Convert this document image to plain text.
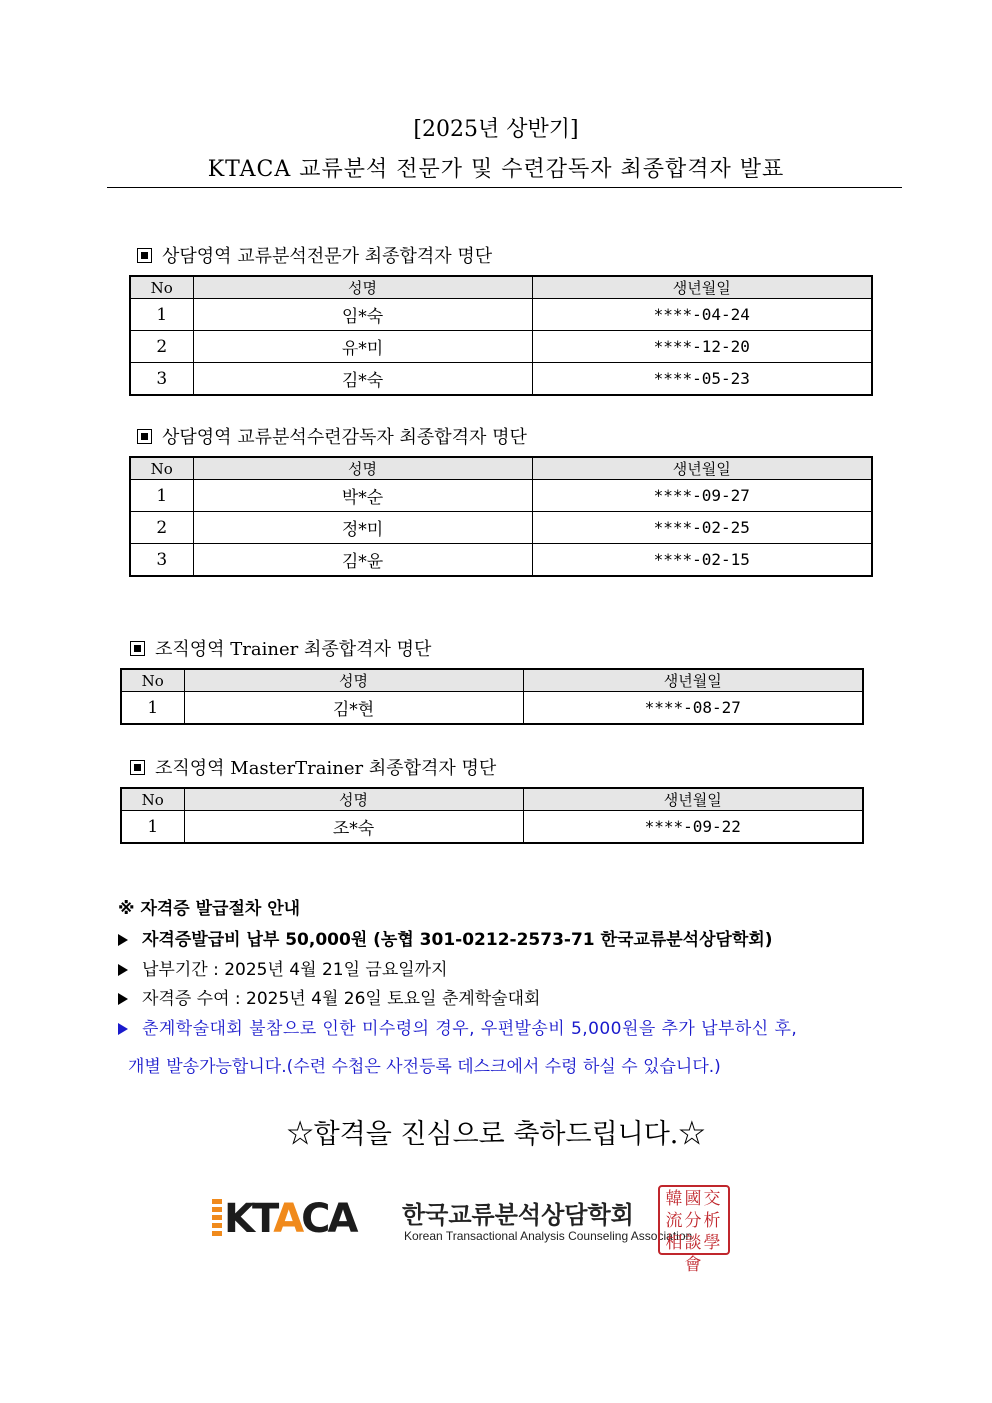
[2025년 상반기]
KTACA 교류분석 전문가 및 수련감독자 최종합격자 발표
상담영역 교류분석전문가 최종합격자 명단
No	성명	생년월일
1	임*숙	****-04-24
2	유*미	****-12-20
3	김*숙	****-05-23
상담영역 교류분석수련감독자 최종합격자 명단
No	성명	생년월일
1	박*순	****-09-27
2	정*미	****-02-25
3	김*윤	****-02-15
조직영역 Trainer 최종합격자 명단
No	성명	생년월일
1	김*현	****-08-27
조직영역 MasterTrainer 최종합격자 명단
No	성명	생년월일
1	조*숙	****-09-22
※ 자격증 발급절차 안내
자격증발급비 납부 50,000원 (농협 301-0212-2573-71 한국교류분석상담학회)
납부기간 : 2025년 4월 21일 금요일까지
자격증 수여 : 2025년 4월 26일 토요일 춘계학술대회
춘계학술대회 불참으로 인한 미수령의 경우, 우편발송비 5,000원을 추가 납부하신 후,
개별 발송가능합니다.(수련 수첩은 사전등록 데스크에서 수령 하실 수 있습니다.)
☆합격을 진심으로 축하드립니다.☆
KTACA 한국교류분석상담학회
Korean Transactional Analysis Counseling Association
韓國交
流分析
相談學會
